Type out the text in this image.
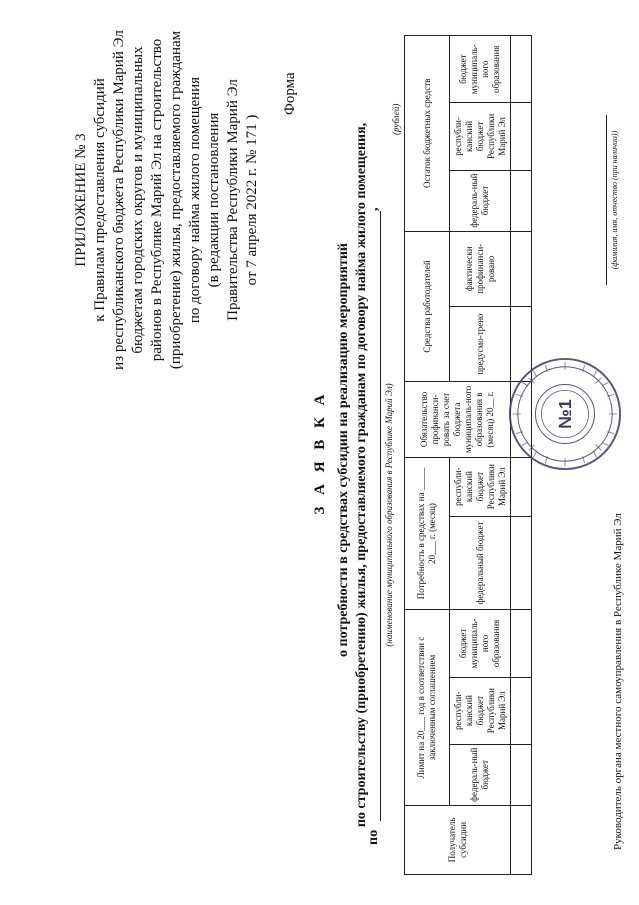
ПРИЛОЖЕНИЕ № 3 к Правилам предоставления субсидий из республиканского бюджета Республики Марий Эл бюджетам городских округов и муниципальных районов в Республике Марий Эл на строительство (приобретение) жилья, предоставляемого гражданам по договору найма жилого помещения (в редакции постановления Правительства Республики Марий Эл от 7 апреля 2022 г. № 171 )
Форма
З А Я В К А о потребности в средствах субсидии на реализацию мероприятий по строительству (приобретению) жилья, предоставляемого гражданам по договору найма жилого помещения,
по
,
(наименование муниципального образования в Республике Марий Эл)
(рублей)
Получатель субсидии	Лимит на 20___ год в соответствии с заключенным соглашением			Потребность в средствах на _____ 20___ г. (месяц)		Обязательство профинанси-ровать за счет бюджета муниципаль-ного образования в (месяц) 20__ г.	Средства работодателей		Остаток бюджетных средств		
	федераль-ный бюджет	республи-канский бюджет Республики Марий Эл	бюджет муниципаль-ного образования	федеральный бюджет	республи-канский бюджет Республики Марий Эл		предусмо-трено	фактически профинанси-ровано	федераль-ный бюджет	республи-канский бюджет Республики Марий Эл	бюджет муниципаль-ного образования

Руководитель органа местного самоуправления в Республике Марий Эл
(фамилия, имя, отчество (при наличии))
№1
